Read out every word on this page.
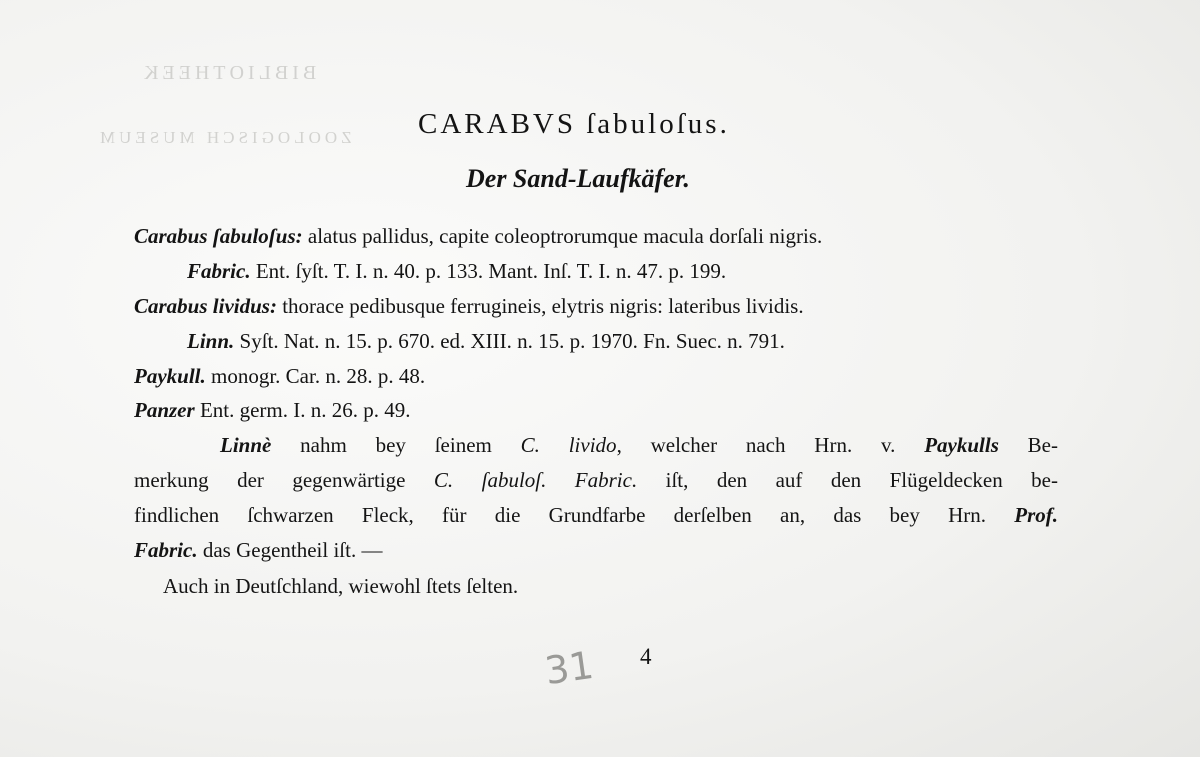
BIBLIOTHEEK
ZOOLOGISCH MUSEUM CARABVS ſabuloſus.
Der Sand-Laufkäfer.
Carabus ſabuloſus: alatus pallidus, capite coleoptrorumque macula dorſali nigris.
Fabric. Ent. ſyſt. T. I. n. 40. p. 133. Mant. Inſ. T. I. n. 47. p. 199.
Carabus lividus: thorace pedibusque ferrugineis, elytris nigris: lateribus lividis.
Linn. Syſt. Nat. n. 15. p. 670. ed. XIII. n. 15. p. 1970. Fn. Suec. n. 791.
Paykull. monogr. Car. n. 28. p. 48.
Panzer Ent. germ. I. n. 26. p. 49.
Linnè nahm bey ſeinem C. livido, welcher nach Hrn. v. Paykulls Be-
merkung der gegenwärtige C. ſabuloſ. Fabric. iſt, den auf den Flügeldecken be-
findlichen ſchwarzen Fleck, für die Grundfarbe derſelben an, das bey Hrn. Prof.
Fabric. das Gegentheil iſt. —
Auch in Deutſchland, wiewohl ſtets ſelten.
31 4
